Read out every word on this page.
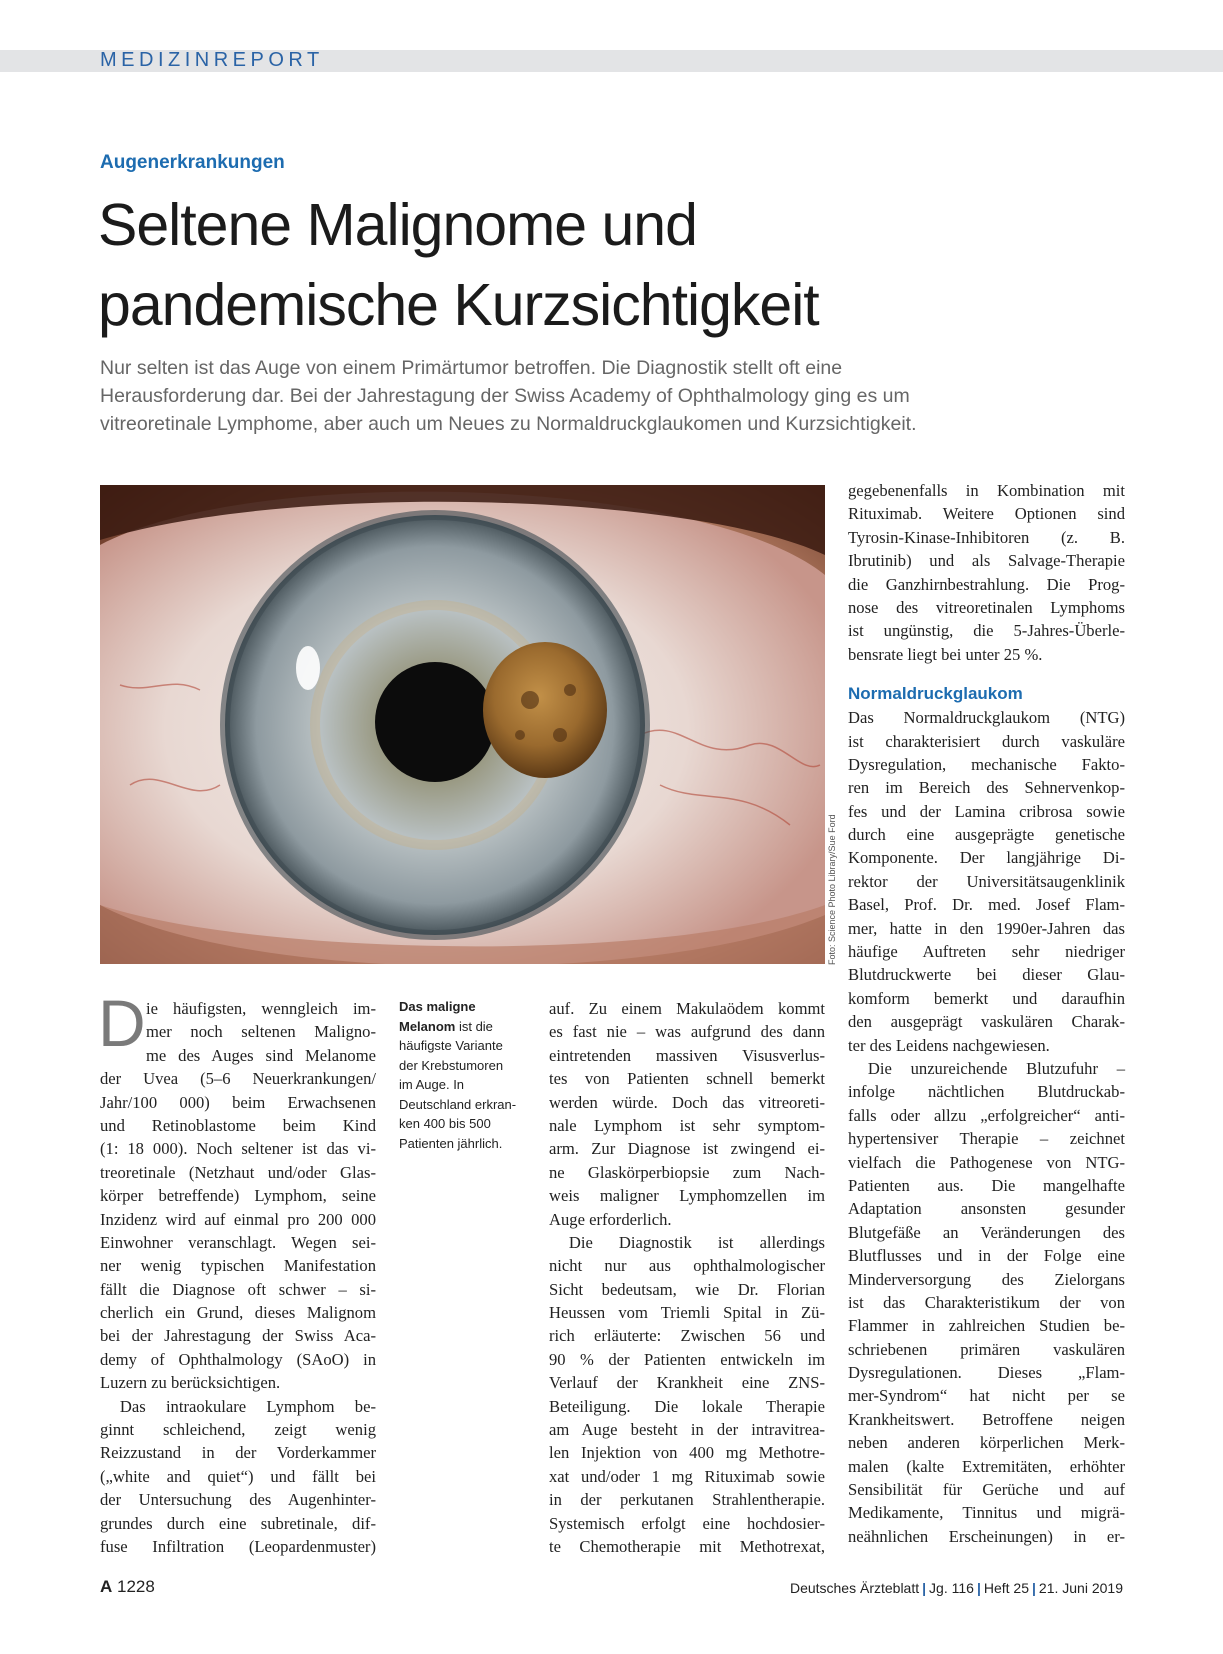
MEDIZINREPORT
Augenerkrankungen
Seltene Malignome und
pandemische Kurzsichtigkeit
Nur selten ist das Auge von einem Primärtumor betroffen. Die Diagnostik stellt oft eine
Herausforderung dar. Bei der Jahrestagung der Swiss Academy of Ophthalmology ging es um
vitreoretinale Lymphome, aber auch um Neues zu Normaldruckglaukomen und Kurzsichtigkeit.
Foto: Science Photo Library/Sue Ford
D ie häufigsten, wenngleich im-
mer noch seltenen Maligno-
me des Auges sind Melanome
der Uvea (5–6 Neuerkrankungen/
Jahr/100 000) beim Erwachsenen
und Retinoblastome beim Kind
(1: 18 000). Noch seltener ist das vi-
treoretinale (Netzhaut und/oder Glas-
körper betreffende) Lymphom, seine
Inzidenz wird auf einmal pro 200 000
Einwohner veranschlagt. Wegen sei-
ner wenig typischen Manifestation
fällt die Diagnose oft schwer – si-
cherlich ein Grund, dieses Malignom
bei der Jahrestagung der Swiss Aca-
demy of Ophthalmology (SAoO) in
Luzern zu berücksichtigen.
Das intraokulare Lymphom be-
ginnt schleichend, zeigt wenig
Reizzustand in der Vorderkammer
(„white and quiet“) und fällt bei
der Untersuchung des Augenhinter-
grundes durch eine subretinale, dif-
fuse Infiltration (Leopardenmuster)
Das maligne
Melanom ist die
häufigste Variante
der Krebstumoren
im Auge. In
Deutschland erkran-
ken 400 bis 500
Patienten jährlich.
auf. Zu einem Makulaödem kommt
es fast nie – was aufgrund des dann
eintretenden massiven Visusverlus-
tes von Patienten schnell bemerkt
werden würde. Doch das vitreoreti-
nale Lymphom ist sehr symptom-
arm. Zur Diagnose ist zwingend ei-
ne Glaskörperbiopsie zum Nach-
weis maligner Lymphomzellen im
Auge erforderlich.
Die Diagnostik ist allerdings
nicht nur aus ophthalmologischer
Sicht bedeutsam, wie Dr. Florian
Heussen vom Triemli Spital in Zü-
rich erläuterte: Zwischen 56 und
90 % der Patienten entwickeln im
Verlauf der Krankheit eine ZNS-
Beteiligung. Die lokale Therapie
am Auge besteht in der intravitrea-
len Injektion von 400 mg Methotre-
xat und/oder 1 mg Rituximab sowie
in der perkutanen Strahlentherapie.
Systemisch erfolgt eine hochdosier-
te Chemotherapie mit Methotrexat,
gegebenenfalls in Kombination mit
Rituximab. Weitere Optionen sind
Tyrosin-Kinase-Inhibitoren (z. B.
Ibrutinib) und als Salvage-Therapie
die Ganzhirnbestrahlung. Die Prog-
nose des vitreoretinalen Lymphoms
ist ungünstig, die 5-Jahres-Überle-
bensrate liegt bei unter 25 %.
Normaldruckglaukom
Das Normaldruckglaukom (NTG)
ist charakterisiert durch vaskuläre
Dysregulation, mechanische Fakto-
ren im Bereich des Sehnervenkop-
fes und der Lamina cribrosa sowie
durch eine ausgeprägte genetische
Komponente. Der langjährige Di-
rektor der Universitätsaugenklinik
Basel, Prof. Dr. med. Josef Flam-
mer, hatte in den 1990er-Jahren das
häufige Auftreten sehr niedriger
Blutdruckwerte bei dieser Glau-
komform bemerkt und daraufhin
den ausgeprägt vaskulären Charak-
ter des Leidens nachgewiesen.
Die unzureichende Blutzufuhr –
infolge nächtlichen Blutdruckab-
falls oder allzu „erfolgreicher“ anti-
hypertensiver Therapie – zeichnet
vielfach die Pathogenese von NTG-
Patienten aus. Die mangelhafte
Adaptation ansonsten gesunder
Blutgefäße an Veränderungen des
Blutflusses und in der Folge eine
Minderversorgung des Zielorgans
ist das Charakteristikum der von
Flammer in zahlreichen Studien be-
schriebenen primären vaskulären
Dysregulationen. Dieses „Flam-
mer-Syndrom“ hat nicht per se
Krankheitswert. Betroffene neigen
neben anderen körperlichen Merk-
malen (kalte Extremitäten, erhöhter
Sensibilität für Gerüche und auf
Medikamente, Tinnitus und migrä-
neähnlichen Erscheinungen) in er-
A 1228	Deutsches Ärzteblatt | Jg. 116 | Heft 25 | 21. Juni 2019
